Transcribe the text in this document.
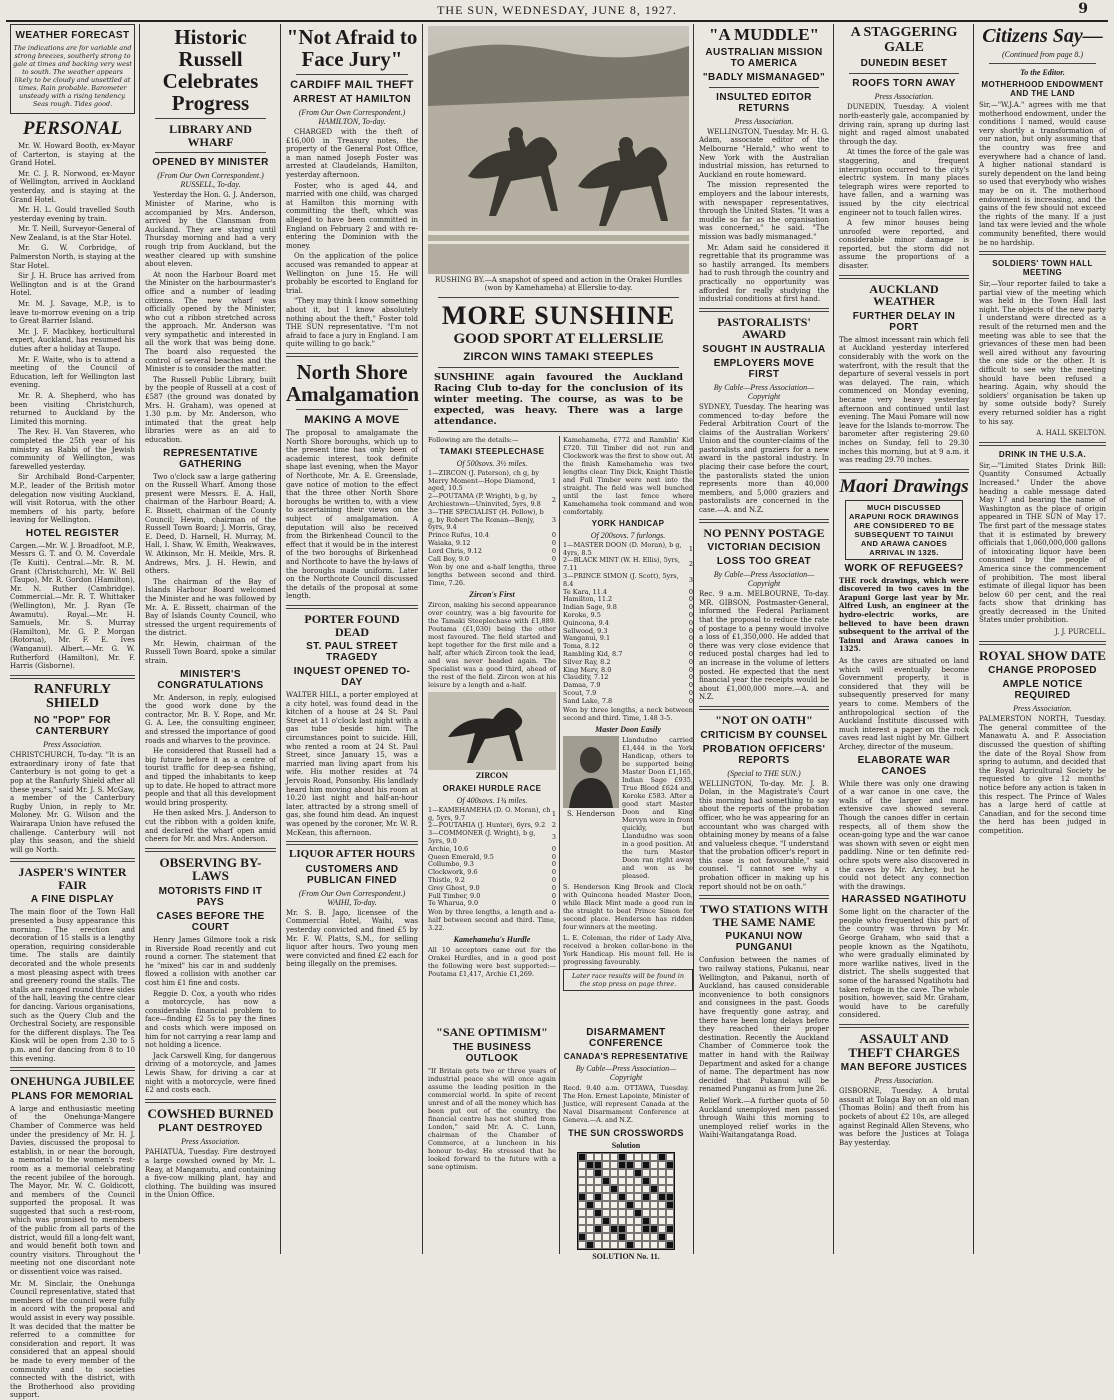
THE SUN, WEDNESDAY, JUNE 8, 1927.	9
WEATHER FORECAST
The indications are for variable and strong breezes, southerly strong to gale at times and backing very west to south. The weather appears likely to be cloudy and unsettled at times. Rain probable. Barometer unsteady with a rising tendency. Seas rough. Tides good.
PERSONAL

Mr. W. Howard Booth, ex-Mayor of Carterton, is staying at the Grand Hotel.

Mr. C. J. R. Norwood, ex-Mayor of Wellington, arrived in Auckland yesterday, and is staying at the Grand Hotel.

Mr. H. L. Gould travelled South yesterday evening by train.

Mr. T. Neill, Surveyor-General of New Zealand, is at the Star Hotel.

Mr. G. W. Corbridge, of Palmerston North, is staying at the Star Hotel.

Sir J. H. Bruce has arrived from Wellington and is at the Grand Hotel.

Mr. M. J. Savage, M.P., is to leave to-morrow evening on a trip to Great Barrier Island.

Mr. J. F. Macbkey, horticultural expert, Auckland, has resumed his duties after a holiday at Taupo.

Mr. F. Waite, who is to attend a meeting of the Council of Education, left for Wellington last evening.

Mr. R. A. Shepherd, who has been visiting Christchurch, returned to Auckland by the Limited this morning.

The Rev. H. Van Staveren, who completed the 25th year of his ministry as Rabbi of the Jewish community of Wellington, was farewelled yesterday.

Sir Archibald Bond-Carpenter, M.P., leader of the British motor delegation now visiting Auckland, will visit Rotorua, with the other members of his party, before leaving for Wellington.

HOTEL REGISTER
Cargen.—Mr. W. J. Broadfoot, M.P., Messrs G. T. and O. M. Coverdale (Te Kuiti). Central.—Mr. R. M. Grant (Christchurch), Mr. W. Bell (Taupo), Mr. R. Gordon (Hamilton), Mr. N. Ruther (Cambridge). Commercial.—Mr. R. T. Whittaker (Wellington), Mr. J. Ryan (Te Awamutu). Royal.—Mr. H. Samuels, Mr. S. Murray (Hamilton), Mr. G. P. Morgan (Rotorua), Mr. F. E. Ives (Wanganui). Albert.—Mr. G. W. Rutherford (Hamilton), Mr. F. Harris (Gisborne).
RANFURLY SHIELD
NO "POP" FOR CANTERBURY
Press Association.
CHRISTCHURCH, To-day. "It is an extraordinary irony of fate that Canterbury is not going to get a pop at the Ranfurly Shield after all these years," said Mr. J. S. McGaw, a member of the Canterbury Rugby Union, in reply to Mr. Moloney. Mr. G. Wilson and the Wairarapa Union have refused the challenge. Canterbury will not play this season, and the shield will go North.
JASPER'S WINTER FAIR
A FINE DISPLAY
The main floor of the Town Hall presented a busy appearance this morning. The erection and decoration of 15 stalls is a lengthy operation, requiring considerable time. The stalls are daintily decorated and the whole presents a most pleasing aspect with trees and greenery round the stalls. The stalls are ranged round three sides of the hall, leaving the centre clear for dancing. Various organisations, such as the Query Club and the Orchestral Society, are responsible for the different displays. The Tea Kiosk will be open from 2.30 to 5 p.m. and for dancing from 8 to 10 this evening.
ONEHUNGA JUBILEE
PLANS FOR MEMORIAL
A large and enthusiastic meeting of the Onehunga-Mangere Chamber of Commerce was held under the presidency of Mr. H. J. Davies, discussed the proposal to establish, in or near the borough, a memorial to the women's rest-room as a memorial celebrating the recent jubilee of the borough. The Mayor, Mr. W. C. Goldicott, and members of the Council supported the proposal. It was suggested that such a rest-room, which was promised to members of the public from all parts of the district, would fill a long-felt want, and would benefit both town and country visitors. Throughout the meeting not one discordant note or dissentient voice was raised.
Mr. M. Sinclair, the Onehunga Council representative, stated that members of the council were fully in accord with the proposal and would assist in every way possible. It was decided that the matter be referred to a committee for consideration and report. It was considered that an appeal should be made to every member of the community and to societies connected with the district, with the Brotherhood also providing support.
Historic Russell Celebrates Progress
LIBRARY AND WHARF
OPENED BY MINISTER
(From Our Own Correspondent.) RUSSELL, To-day.

Yesterday the Hon. G. J. Anderson, Minister of Marine, who is accompanied by Mrs. Anderson, arrived by the Clansman from Auckland. They are staying until Thursday morning and had a very rough trip from Auckland, but the weather cleared up with sunshine about eleven.

At noon the Harbour Board met the Minister on the harbourmaster's office and a number of leading citizens. The new wharf was officially opened by the Minister, who cut a ribbon stretched across the approach. Mr. Anderson was very sympathetic and interested in all the work that was being done. The board also requested the control of several beaches and the Minister is to consider the matter.

The Russell Public Library, built by the people of Russell at a cost of £587 (the ground was donated by Mrs. H. Graham), was opened at 1.30 p.m. by Mr. Anderson, who intimated that the great help libraries were as an aid to education.

REPRESENTATIVE GATHERING

Two o'clock saw a large gathering on the Russell Wharf. Among those present were Messrs. E. A. Hall, chairman of the Harbour Board; A. E. Bissett, chairman of the County Council; Hewin, chairman of the Russell Town Board; J. Morris, Gray, E. Deed, D. Harnell, H. Murray, M. Hall, I. Shaw, W. Emith, Weakwaves, W. Atkinson, Mr. H. Meikle, Mrs. R. Andrews, Mrs. J. H. Hewin, and others.

The chairman of the Bay of Islands Harbour Board welcomed the Minister and he was followed by Mr. A. E. Bissett, chairman of the Bay of Islands County Council, who stressed the urgent requirements of the district.

Mr. Hewin, chairman of the Russell Town Board, spoke a similar strain.

MINISTER'S CONGRATULATIONS

Mr. Anderson, in reply, eulogised the good work done by the contractor, Mr. B. Y. Rope, and Mr. G. A. Lee, the consulting engineer, and stressed the importance of good roads and wharves to the province.

He considered that Russell had a big future before it as a centre of tourist traffic for deep-sea fishing, and tipped the inhabitants to keep up to date. He hoped to attract more people and that all this development would bring prosperity.

He then asked Mrs. J. Anderson to cut the ribbon with a golden knife, and declared the wharf open amid cheers for Mr. and Mrs. Anderson.

OBSERVING BY-LAWS
MOTORISTS FIND IT PAYS
CASES BEFORE THE COURT

Henry James Gilmore took a risk in Riverside Road recently and cut round a corner. The statement that he "mixed" his car in and suddenly flowed a collision with another car cost him £1 fine and costs.

Reggie D. Cox, a youth who rides a motorcycle, has now a considerable financial problem to face—finding £2 5s to pay the fines and costs which were imposed on him for not carrying a rear lamp and not holding a licence.

Jack Carswell King, for dangerous driving of a motorcycle, and James Lewis Shaw, for driving a car at night with a motorcycle, were fined £2 and costs each.

COWSHED BURNED
PLANT DESTROYED
Press Association.
PAHIATUA, Tuesday. Fire destroyed a large cowshed owned by Mr. L. Reay, at Mangamutu, and containing a five-cow milking plant, hay and clothing. The building was insured in the Union Office.
"Not Afraid to Face Jury"
CARDIFF MAIL THEFT
ARREST AT HAMILTON
(From Our Own Correspondent.) HAMILTON, To-day.

CHARGED with the theft of £16,000 in Treasury notes, the property of the General Post Office, a man named Joseph Foster was arrested at Claudelands, Hamilton, yesterday afternoon.

Foster, who is aged 44, and married with one child, was charged at Hamilton this morning with committing the theft, which was alleged to have been committed in England on February 2 and with re-entering the Dominion with the money.

On the application of the police accused was remanded to appear at Wellington on June 15. He will probably be escorted to England for trial.

"They may think I know something about it, but I know absolutely nothing about the theft," Foster told THE SUN representative. "I'm not afraid to face a jury in England. I am quite willing to go back."

North Shore Amalgamation
MAKING A MOVE
The proposal to amalgamate the North Shore boroughs, which up to the present time has only been of academic interest, took definite shape last evening, when the Mayor of Northcote, Mr. A. E. Greenslade, gave notice of motion to the effect that the three other North Shore boroughs be written to, with a view to ascertaining their views on the subject of amalgamation. A deputation will also be received from the Birkenhead Council to the effect that it would be in the interest of the two boroughs of Birkenhead and Northcote to have the by-laws of the boroughs made uniform. Later on the Northcote Council discussed the details of the proposal at some length.
PORTER FOUND DEAD
ST. PAUL STREET TRAGEDY
INQUEST OPENED TO-DAY
WALTER HILL, a porter employed at a city hotel, was found dead in the kitchen of a house at 24 St. Paul Street at 11 o'clock last night with a gas tube beside him. The circumstances point to suicide. Hill, who rented a room at 24 St. Paul Street, since January 15, was a married man living apart from his wife. His mother resides at 74 Jervois Road, Ponsonby. His landlady heard him moving about his room at 10.20 last night and half-an-hour later, attracted by a strong smell of gas, she found him dead. An inquest was opened by the coroner, Mr. W. R. McKean, this afternoon.
LIQUOR AFTER HOURS
CUSTOMERS AND PUBLICAN FINED
(From Our Own Correspondent.) WAIHI, To-day.
Mr. S. B. Jago, licensee of the Commercial Hotel, Waihi, was yesterday convicted and fined £5 by Mr. F. W. Platts, S.M., for selling liquor after hours. Two young men were convicted and fined £2 each for being illegally on the premises.
RUSHING BY.—A snapshot of speed and action in the Orakei Hurdles (won by Kamehameha) at Ellerslie to-day.
MORE SUNSHINE
GOOD SPORT AT ELLERSLIE
ZIRCON WINS TAMAKI STEEPLES
SUNSHINE again favoured the Auckland Racing Club to-day for the conclusion of its winter meeting. The course, as was to be expected, was heavy. There was a large attendance.
Following are the details:—
TAMAKI STEEPLECHASE
Of 500sovs. 3½ miles.
1—ZIRCON (J. Paterson), ch g, by Merry Moment—Hope Diamond, aged, 10.5	1
2—POUTAMA (P. Wright), b g, by Archiestown—Uninvited, 5yrs, 9.8	2
3—THE SPECIALIST (H. Pellow), b g, by Robert The Roman—Benjy, 6yrs, 9.4	3
Prince Rufus, 10.4	0
Waiaka, 9.12	0
Lord Chris, 9.12	0
Call Boy, 9.0	0
Won by one and a-half lengths, three lengths between second and third. Time, 7.26.
Zircon's First
Zircon, making his second appearance over country, was a big favourite for the Tamaki Steeplechase with £1,889. Poutama (£1,030) being the other most favoured. The field started and kept together for the first mile and a half, after which Zircon took the lead, and was never headed again. The Specialist was a good third, ahead of the rest of the field. Zircon won at his leisure by a length and a-half.
ZIRCON
ORAKEI HURDLE RACE
Of 400sovs. 1¾ miles.
1—KAMEHAMEHA (D. O. Moran), ch g, 5yrs, 9.7	1
2—POUTAHIA (J. Hunter), 6yrs, 9.2	2
3—COMMONER (J. Wright), b g, 5yrs, 9.0	3
Archie, 10.6	0
Queen Emerald, 9.5	0
Collumbo, 9.3	0
Clockwork, 9.6	0
Thistle, 9.2	0
Grey Ghost, 9.0	0
Full Timber, 9.0	0
Te Wharua, 9.0	0
Won by three lengths, a length and a-half between second and third. Time, 3.22.
Kamehameha's Hurdle
All 10 acceptors came out for the Orakei Hurdles, and in a good post the following were best supported:—Poutama £1,417, Archie £1,269.
Kamehameha, £772 and Ramblin' Kid £720. Till Timber did not run and Clockwork was the first to show out. At the finish Kamehameha was two lengths clear. Tiny Dick, Knight Thistle and Full Timber were next into the straight. The field was well bunched until the last fence where Kamehameha took command and won comfortably.
YORK HANDICAP
Of 200sovs. 7 furlongs.
1—MASTER DOON (D. Moran), b g, 4yrs, 8.5	1
2—BLACK MINT (W. H. Ellis), 5yrs, 7.11	2
3—PRINCE SIMON (J. Scott), 5yrs, 8.4	3
Te Kara, 11.4	0
Hamilton, 11.2	0
Indian Sage, 9.8	0
Koroke, 9.5	0
Quincona, 9.4	0
Sellwood, 9.3	0
Wanganui, 9.1	0
Toma, 8.12	0
Rambling Kid, 8.7	0
Silver Ray, 8.2	0
King Merv, 8.0	0
Claudity, 7.12	0
Damaa, 7.9	0
Scout, 7.9	0
Sand Lake, 7.8	0
Won by three lengths, a neck between second and third. Time, 1.48 3-5.
Master Doon Easily
S. Henderson
Llandudno carried £1,444 in the York Handicap, others to be supported being Master Doon £1,165, Indian Sage £935, True Blood £624 and Koroke £583. After a good start Master Doon and King Mervyn were in front quickly, but Llandudno was soon in a good position. At the turn Master Doon ran right away and won as he pleased.
S. Henderson King Brook and Clock with Quincona headed Master Doon, while Black Mint made a good run in the straight to beat Prince Simon for second place. Henderson has ridden four winners at the meeting.
L. E. Coleman, the rider of Lady Alva, received a broken collar-bone in the York Handicap. His mount fell. He is progressing favourably.
Later race results will be found in the stop press on page three.
"SANE OPTIMISM"
THE BUSINESS OUTLOOK
"If Britain gets two or three years of industrial peace she will once again assume the leading position in the commercial world. In spite of recent unrest and of all the money which has been put out of the country, the financial centre has not shifted from London," said Mr. A. C. Lunn, chairman of the Chamber of Commerce, at a luncheon in his honour to-day. He stressed that he looked forward to the future with a sane optimism.
DISARMAMENT CONFERENCE
CANADA'S REPRESENTATIVE
By Cable—Press Association—Copyright
Recd. 9.40 a.m. OTTAWA, Tuesday. The Hon. Ernest Lapointe, Minister of Justice, will represent Canada at the Naval Disarmament Conference at Geneva.—A. and N.Z.
THE SUN CROSSWORDS
Solution
SOLUTION No. 11.
"A MUDDLE"
AUSTRALIAN MISSION TO AMERICA
"BADLY MISMANAGED"
INSULTED EDITOR RETURNS
Press Association.

WELLINGTON, Tuesday. Mr. H. G. Adam, associate editor of the Melbourne "Herald," who went to New York with the Australian industrial mission, has returned to Auckland en route homeward.

The mission represented the employers and the labour interests, with newspaper representatives, through the United States. "It was a muddle so far as the organisation was concerned," he said. "The mission was badly mismanaged."

Mr. Adam said he considered it regrettable that its programme was so hastily arranged. Its members had to rush through the country and practically no opportunity was afforded for really studying the industrial conditions at first hand.

PASTORALISTS' AWARD
SOUGHT IN AUSTRALIA
EMPLOYERS MOVE FIRST
By Cable—Press Association—Copyright
SYDNEY, Tuesday. The hearing was commenced to-day before the Federal Arbitration Court of the claims of the Australian Workers' Union and the counter-claims of the pastoralists and graziers for a new award in the pastoral industry. In placing their case before the court, the pastoralists stated the union represents more than 40,000 members, and 5,000 graziers and pastoralists are concerned in the case.—A. and N.Z.
NO PENNY POSTAGE
VICTORIAN DECISION
LOSS TOO GREAT
By Cable—Press Association—Copyright
Rec. 9 a.m. MELBOURNE, To-day. MR. GIBSON, Postmaster-General, informed the Federal Parliament that the proposal to reduce the rate of postage to a penny would involve a loss of £1,350,000. He added that there was very close evidence that reduced postal charges had led to an increase in the volume of letters posted. He expected that the next financial year the receipts would be about £1,000,000 more.—A. and N.Z.
"NOT ON OATH"
CRITICISM BY COUNSEL
PROBATION OFFICERS' REPORTS
(Special to THE SUN.)
WELLINGTON, To-day. Mr. J. B. Dolan, in the Magistrate's Court this morning had something to say about the reports of the probation officer, who he was appearing for an accountant who was charged with obtaining money by means of a false and valueless cheque. "I understand that the probation officer's report in this case is not favourable," said counsel. "I cannot see why a probation officer in making up his report should not be on oath."
TWO STATIONS WITH THE SAME NAME
PUKANUI NOW PUNGANUI
Confusion between the names of two railway stations, Pukanui, near Wellington, and Pakanui, north of Auckland, has caused considerable inconvenience to both consignors and consignees in the past. Goods have frequently gone astray, and there have been long delays before they reached their proper destination. Recently the Auckland Chamber of Commerce took the matter in hand with the Railway Department and asked for a change of name. The department has now decided that Pukanui will be renamed Punganui as from June 26.
Relief Work.—A further quota of 50 Auckland unemployed men passed through Waihi this morning to unemployed relief works in the Waihi-Waitangatanga Road.
A STAGGERING GALE
DUNEDIN BESET
ROOFS TORN AWAY
Press Association.

DUNEDIN, Tuesday. A violent north-easterly gale, accompanied by driving rain, sprang up during last night and raged almost unabated through the day.

At times the force of the gale was staggering, and frequent interruption occurred to the city's electric system. In many places telegraph wires were reported to have fallen, and a warning was issued by the city electrical engineer not to touch fallen wires.

A few minor houses being unroofed were reported, and considerable minor damage is reported, but the storm did not assume the proportions of a disaster.

AUCKLAND WEATHER
FURTHER DELAY IN PORT
The almost incessant rain which fell at Auckland yesterday interfered considerably with the work on the waterfront, with the result that the departure of several vessels in port was delayed. The rain, which commenced on Monday evening, became very heavy yesterday afternoon and continued until last evening. The Maui Pomare will now leave for the Islands to-morrow. The barometer after registering 29.60 inches on Sunday, fell to 29.30 inches this morning, but at 9 a.m. it was reading 29.70 inches.
Maori Drawings
MUCH DISCUSSED ARAPUNI ROCK DRAWINGS ARE CONSIDERED TO BE SUBSEQUENT TO TAINUI AND ARAWA CANOES ARRIVAL IN 1325.
WORK OF REFUGEES?
THE rock drawings, which were discovered in two caves in the Arapuni Gorge last year by Mr. Alfred Lush, an engineer at the hydro-electric works, are believed to have been drawn subsequent to the arrival of the Tainui and Arawa canoes in 1325.
As the caves are situated on land which will eventually become Government property, it is considered that they will be subsequently preserved for many years to come. Members of the anthropological section of the Auckland Institute discussed with much interest a paper on the rock caves read last night by Mr. Gilbert Archey, director of the museum.
ELABORATE WAR CANOES
While there was only one drawing of a war canoe in one cave, the walls of the larger and more extensive cave showed several. Though the canoes differ in certain respects, all of them show the ocean-going type and the war canoe was shown with seven or eight men paddling. Nine or ten definite red-ochre spots were also discovered in the caves by Mr. Archey, but he could not detect any connection with the drawings.
HARASSED NGATIHOTU
Some light on the character of the people who frequented this part of the country was thrown by Mr. George Graham, who said that a people known as the Ngatihotu, who were gradually eliminated by more warlike natives, lived in the district. The shells suggested that some of the harassed Ngatihotu had taken refuge in the cave. The whole position, however, said Mr. Graham, would have to be carefully considered.
ASSAULT AND THEFT CHARGES
MAN BEFORE JUSTICES
Press Association.
GISBORNE, Tuesday. A brutal assault at Tolaga Bay on an old man (Thomas Bolin) and theft from his pockets of about £2 10s, are alleged against Reginald Allen Stevens, who was before the Justices at Tolaga Bay yesterday.
Citizens Say—
(Continued from page 8.)
To the Editor.
MOTHERHOOD ENDOWMENT AND THE LAND
Sir,—"W.J.A." agrees with me that motherhood endowment, under the conditions I named, would cause very shortly a transformation of our nation, but only assuming that the country was free and everywhere had a chance of land. A higher national standard is surely dependent on the land being so used that everybody who wishes may be on it. The motherhood endowment is increasing, and the gains of the few should not exceed the rights of the many. If a just land tax were levied and the whole community benefited, there would be no hardship.
SOLDIERS' TOWN HALL MEETING
Sir,—Your reporter failed to take a partial view of the meeting which was held in the Town Hall last night. The objects of the new party I understand were directed as a result of the returned men and the meeting was able to see that the grievances of these men had been well aired without any favouring the one side or the other. It is difficult to see why the meeting should have been refused a hearing. Again, why should the soldiers' organisation be taken up by some outside body? Surely every returned soldier has a right to his say.
A. HALL SKELTON.
DRINK IN THE U.S.A.
Sir,—"Limited States Drink Bill: Quantity Consumed Actually Increased." Under the above heading a cable message dated May 17 and bearing the name of Washington as the place of origin appeared in THE SUN of May 17. The first part of the message states that it is estimated by brewery officials that 1,060,000,000 gallons of intoxicating liquor have been consumed by the people of America since the commencement of prohibition. The most liberal estimate of illegal liquor has been below 60 per cent, and the real facts show that drinking has greatly decreased in the United States under prohibition.
J. J. PURCELL.
ROYAL SHOW DATE
CHANGE PROPOSED
AMPLE NOTICE REQUIRED
Press Association.
PALMERSTON NORTH, Tuesday. The general committee of the Manawatu A. and P. Association discussed the question of shifting the date of the Royal Show from spring to autumn, and decided that the Royal Agricultural Society be requested to give 12 months' notice before any action is taken in this respect. The Prince of Wales has a large herd of cattle at Canadian, and for the second time the herd has been judged in competition.
